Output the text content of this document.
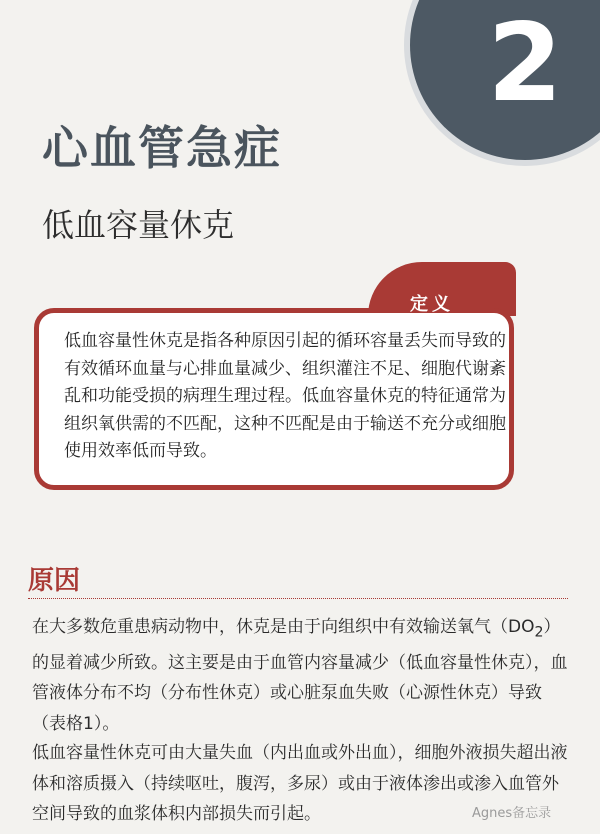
2
心血管急症
低血容量休克
定义

低血容量性休克是指各种原因引起的循环容量丢失而导致的有效循环血量与心排血量减少、组织灌注不足、细胞代谢紊乱和功能受损的病理生理过程。低血容量休克的特征通常为组织氧供需的不匹配，这种不匹配是由于输送不充分或细胞使用效率低而导致。

原因

在大多数危重患病动物中，休克是由于向组织中有效输送氧气$(DO_2)$的显着减少所致。这主要是由于血管内容量减少（低血容量性休克），血管液体分布不均（分布性休克）或心脏泵血失败（心源性休克）导致（表格1）。

低血容量性休克可由大量失血（内出血或外出血），细胞外液损失超出液体和溶质摄入（持续呕吐，腹泻，多尿）或由于液体渗出或渗入血管外空间导致的血浆体积内部损失而引起。	Agnes备忘录
